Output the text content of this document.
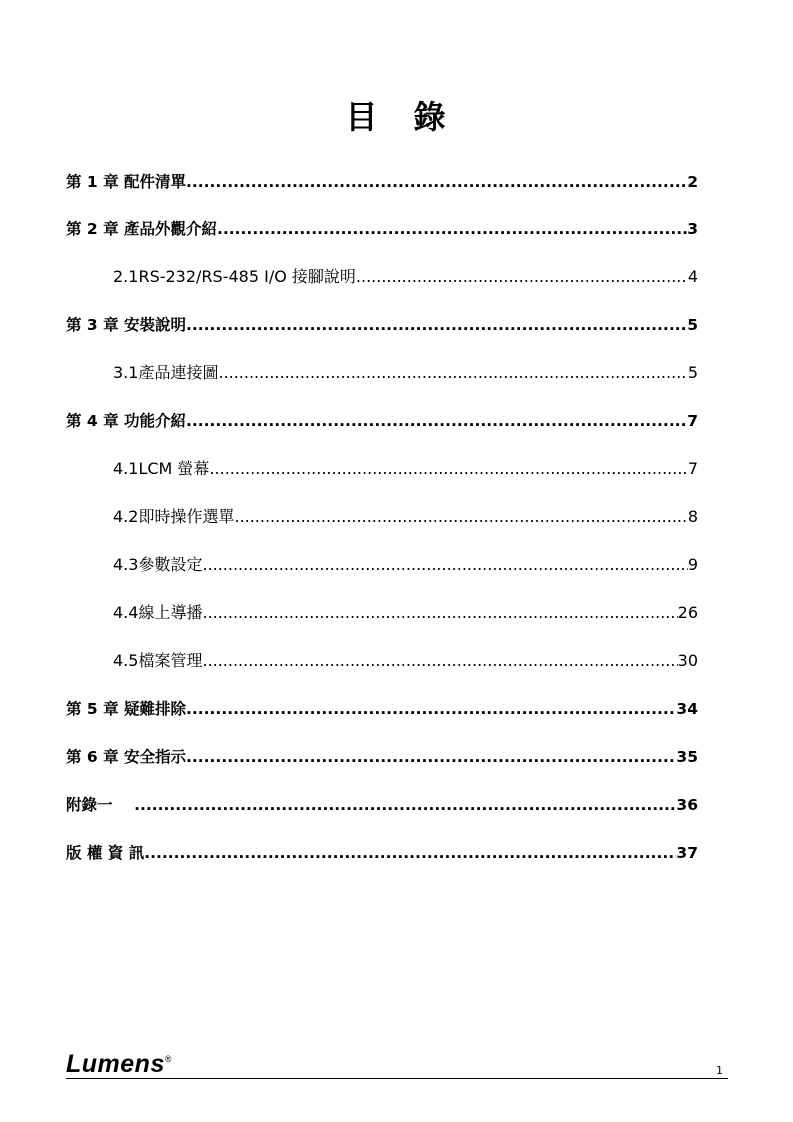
目　錄
第 1 章 配件清單 .....	2
第 2 章 產品外觀介紹 .....	3
2.1RS-232/RS-485 I/O 接腳說明 .....	4
第 3 章 安裝說明 .....	5
3.1產品連接圖 .....	5
第 4 章 功能介紹 .....	7
4.1LCM 螢幕 .....	7
4.2即時操作選單 .....	8
4.3參數設定 .....	9
4.4線上導播 .....	26
4.5檔案管理 .....	30
第 5 章 疑難排除 .....	34
第 6 章 安全指示 .....	35
附錄一 .....	36
版 權 資 訊 .....	37
Lumens®
1
